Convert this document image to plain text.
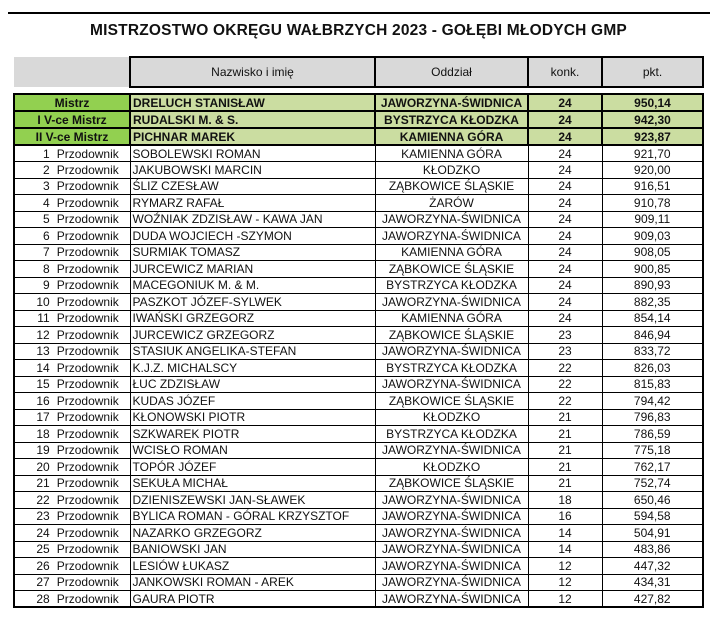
MISTRZOSTWO OKRĘGU WAŁBRZYCH 2023 - GOŁĘBI MŁODYCH GMP
	Nazwisko i imię	Oddział	konk.	pkt.

Mistrz	DRELUCH STANISŁAW	JAWORZYNA-ŚWIDNICA	24	950,14
I V-ce Mistrz	RUDALSKI M. & S.	BYSTRZYCA KŁODZKA	24	942,30
II V-ce Mistrz	PICHNAR MAREK	KAMIENNA GÓRA	24	923,87

1 Przodownik	SOBOLEWSKI ROMAN	KAMIENNA GÓRA	24	921,70

2 Przodownik	JAKUBOWSKI MARCIN	KŁODZKO	24	920,00

3 Przodownik	ŚLIZ CZESŁAW	ZĄBKOWICE ŚLĄSKIE	24	916,51

4 Przodownik	RYMARZ RAFAŁ	ŻARÓW	24	910,78

5 Przodownik	WOŹNIAK ZDZISŁAW - KAWA JAN	JAWORZYNA-ŚWIDNICA	24	909,11

6 Przodownik	DUDA WOJCIECH -SZYMON	JAWORZYNA-ŚWIDNICA	24	909,03

7 Przodownik	SURMIAK TOMASZ	KAMIENNA GÓRA	24	908,05

8 Przodownik	JURCEWICZ MARIAN	ZĄBKOWICE ŚLĄSKIE	24	900,85

9 Przodownik	MACEGONIUK M. & M.	BYSTRZYCA KŁODZKA	24	890,93

10 Przodownik	PASZKOT JÓZEF-SYLWEK	JAWORZYNA-ŚWIDNICA	24	882,35

11 Przodownik	IWAŃSKI GRZEGORZ	KAMIENNA GÓRA	24	854,14

12 Przodownik	JURCEWICZ GRZEGORZ	ZĄBKOWICE ŚLĄSKIE	23	846,94

13 Przodownik	STASIUK ANGELIKA-STEFAN	JAWORZYNA-ŚWIDNICA	23	833,72

14 Przodownik	K.J.Z. MICHALSCY	BYSTRZYCA KŁODZKA	22	826,03

15 Przodownik	ŁUC ZDZISŁAW	JAWORZYNA-ŚWIDNICA	22	815,83

16 Przodownik	KUDAS JÓZEF	ZĄBKOWICE ŚLĄSKIE	22	794,42

17 Przodownik	KŁONOWSKI PIOTR	KŁODZKO	21	796,83

18 Przodownik	SZKWAREK PIOTR	BYSTRZYCA KŁODZKA	21	786,59

19 Przodownik	WCISŁO ROMAN	JAWORZYNA-ŚWIDNICA	21	775,18

20 Przodownik	TOPÓR JÓZEF	KŁODZKO	21	762,17

21 Przodownik	SEKUŁA MICHAŁ	ZĄBKOWICE ŚLĄSKIE	21	752,74

22 Przodownik	DZIENISZEWSKI JAN-SŁAWEK	JAWORZYNA-ŚWIDNICA	18	650,46

23 Przodownik	BYLICA ROMAN - GÓRAL KRZYSZTOF	JAWORZYNA-ŚWIDNICA	16	594,58

24 Przodownik	NAZARKO GRZEGORZ	JAWORZYNA-ŚWIDNICA	14	504,91

25 Przodownik	BANIOWSKI JAN	JAWORZYNA-ŚWIDNICA	14	483,86

26 Przodownik	LESIÓW ŁUKASZ	JAWORZYNA-ŚWIDNICA	12	447,32

27 Przodownik	JANKOWSKI ROMAN - AREK	JAWORZYNA-ŚWIDNICA	12	434,31

28 Przodownik	GAURA PIOTR	JAWORZYNA-ŚWIDNICA	12	427,82
